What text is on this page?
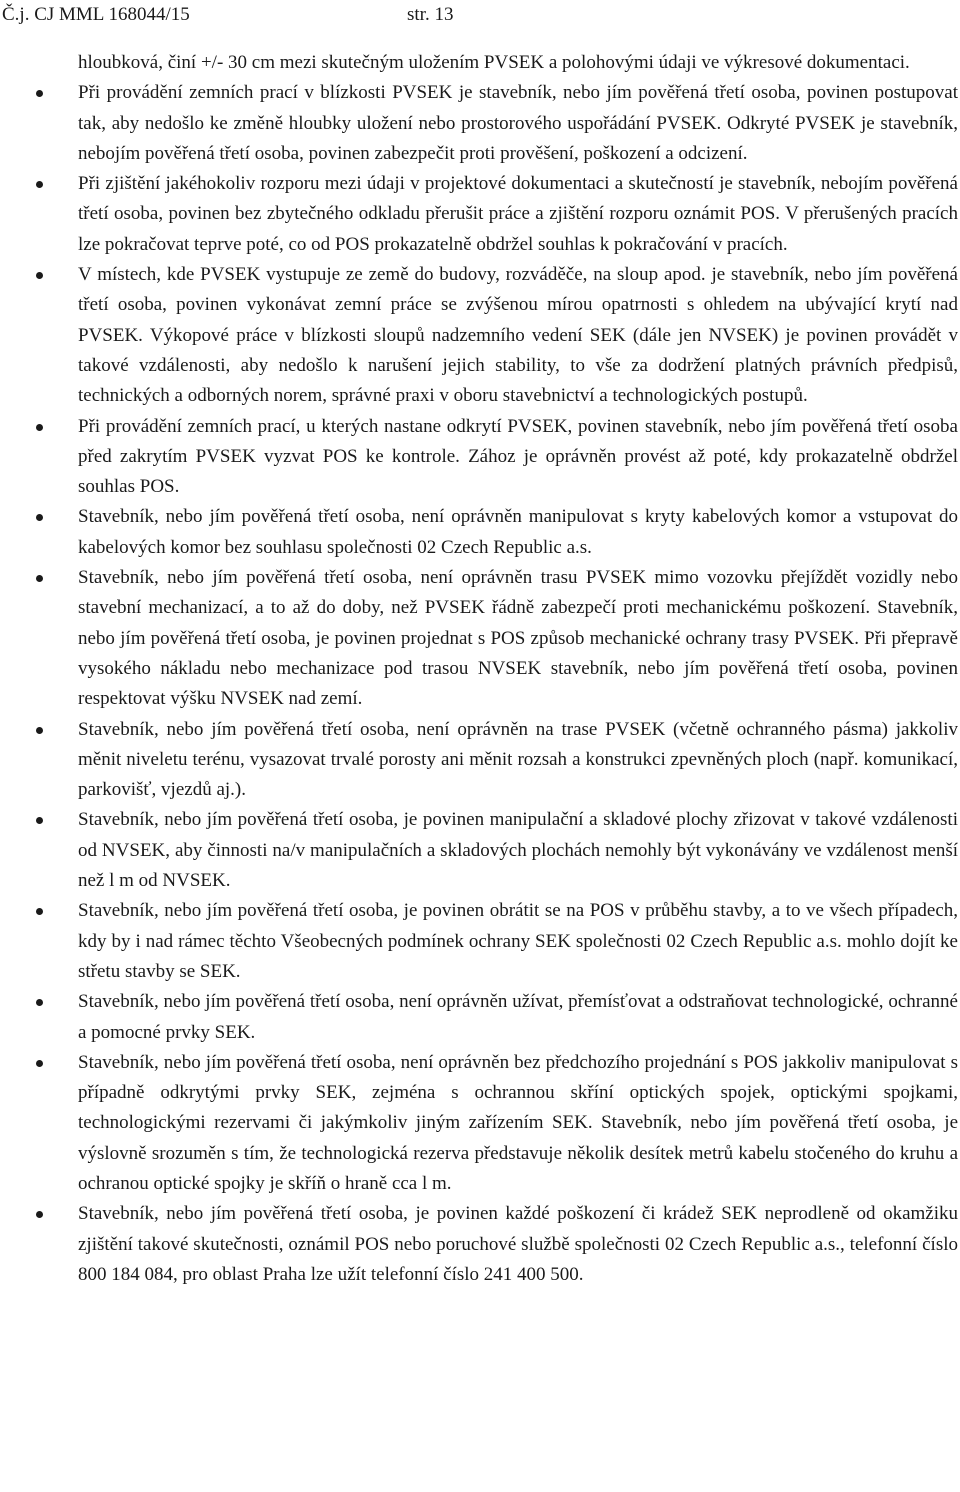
Č.j. CJ MML 168044/15	str. 13

hloubková, činí +/- 30 cm mezi skutečným uložením PVSEK a polohovými údaji ve výkresové dokumentaci.

Při provádění zemních prací v blízkosti PVSEK je stavebník, nebo jím pověřená třetí osoba, povinen postupovat tak, aby nedošlo ke změně hloubky uložení nebo prostorového uspořádání PVSEK. Odkryté PVSEK je stavebník, nebojím pověřená třetí osoba, povinen zabezpečit proti prověšení, poškození a odcizení.
Při zjištění jakéhokoliv rozporu mezi údaji v projektové dokumentaci a skutečností je stavebník, nebojím pověřená třetí osoba, povinen bez zbytečného odkladu přerušit práce a zjištění rozporu oznámit POS. V přerušených pracích lze pokračovat teprve poté, co od POS prokazatelně obdržel souhlas k pokračování v pracích.
V místech, kde PVSEK vystupuje ze země do budovy, rozváděče, na sloup apod. je stavebník, nebo jím pověřená třetí osoba, povinen vykonávat zemní práce se zvýšenou mírou opatrnosti s ohledem na ubývající krytí nad PVSEK. Výkopové práce v blízkosti sloupů nadzemního vedení SEK (dále jen NVSEK) je povinen provádět v takové vzdálenosti, aby nedošlo k narušení jejich stability, to vše za dodržení platných právních předpisů, technických a odborných norem, správné praxi v oboru stavebnictví a technologických postupů.
Při provádění zemních prací, u kterých nastane odkrytí PVSEK, povinen stavebník, nebo jím pověřená třetí osoba před zakrytím PVSEK vyzvat POS ke kontrole. Zához je oprávněn provést až poté, kdy prokazatelně obdržel souhlas POS.
Stavebník, nebo jím pověřená třetí osoba, není oprávněn manipulovat s kryty kabelových komor a vstupovat do kabelových komor bez souhlasu společnosti 02 Czech Republic a.s.
Stavebník, nebo jím pověřená třetí osoba, není oprávněn trasu PVSEK mimo vozovku přejíždět vozidly nebo stavební mechanizací, a to až do doby, než PVSEK řádně zabezpečí proti mechanickému poškození. Stavebník, nebo jím pověřená třetí osoba, je povinen projednat s POS způsob mechanické ochrany trasy PVSEK. Při přepravě vysokého nákladu nebo mechanizace pod trasou NVSEK stavebník, nebo jím pověřená třetí osoba, povinen respektovat výšku NVSEK nad zemí.
Stavebník, nebo jím pověřená třetí osoba, není oprávněn na trase PVSEK (včetně ochranného pásma) jakkoliv měnit niveletu terénu, vysazovat trvalé porosty ani měnit rozsah a konstrukci zpevněných ploch (např. komunikací, parkovišť, vjezdů aj.).
Stavebník, nebo jím pověřená třetí osoba, je povinen manipulační a skladové plochy zřizovat v takové vzdálenosti od NVSEK, aby činnosti na/v manipulačních a skladových plochách nemohly být vykonávány ve vzdálenost menší než l m od NVSEK.
Stavebník, nebo jím pověřená třetí osoba, je povinen obrátit se na POS v průběhu stavby, a to ve všech případech, kdy by i nad rámec těchto Všeobecných podmínek ochrany SEK společnosti 02 Czech Republic a.s. mohlo dojít ke střetu stavby se SEK.
Stavebník, nebo jím pověřená třetí osoba, není oprávněn užívat, přemísťovat a odstraňovat technologické, ochranné a pomocné prvky SEK.
Stavebník, nebo jím pověřená třetí osoba, není oprávněn bez předchozího projednání s POS jakkoliv manipulovat s případně odkrytými prvky SEK, zejména s ochrannou skříní optických spojek, optickými spojkami, technologickými rezervami či jakýmkoliv jiným zařízením SEK. Stavebník, nebo jím pověřená třetí osoba, je výslovně srozuměn s tím, že technologická rezerva představuje několik desítek metrů kabelu stočeného do kruhu a ochranou optické spojky je skříň o hraně cca l m.
Stavebník, nebo jím pověřená třetí osoba, je povinen každé poškození či krádež SEK neprodleně od okamžiku zjištění takové skutečnosti, oznámil POS nebo poruchové službě společnosti 02 Czech Republic a.s., telefonní číslo 800 184 084, pro oblast Praha lze užít telefonní číslo 241 400 500.
